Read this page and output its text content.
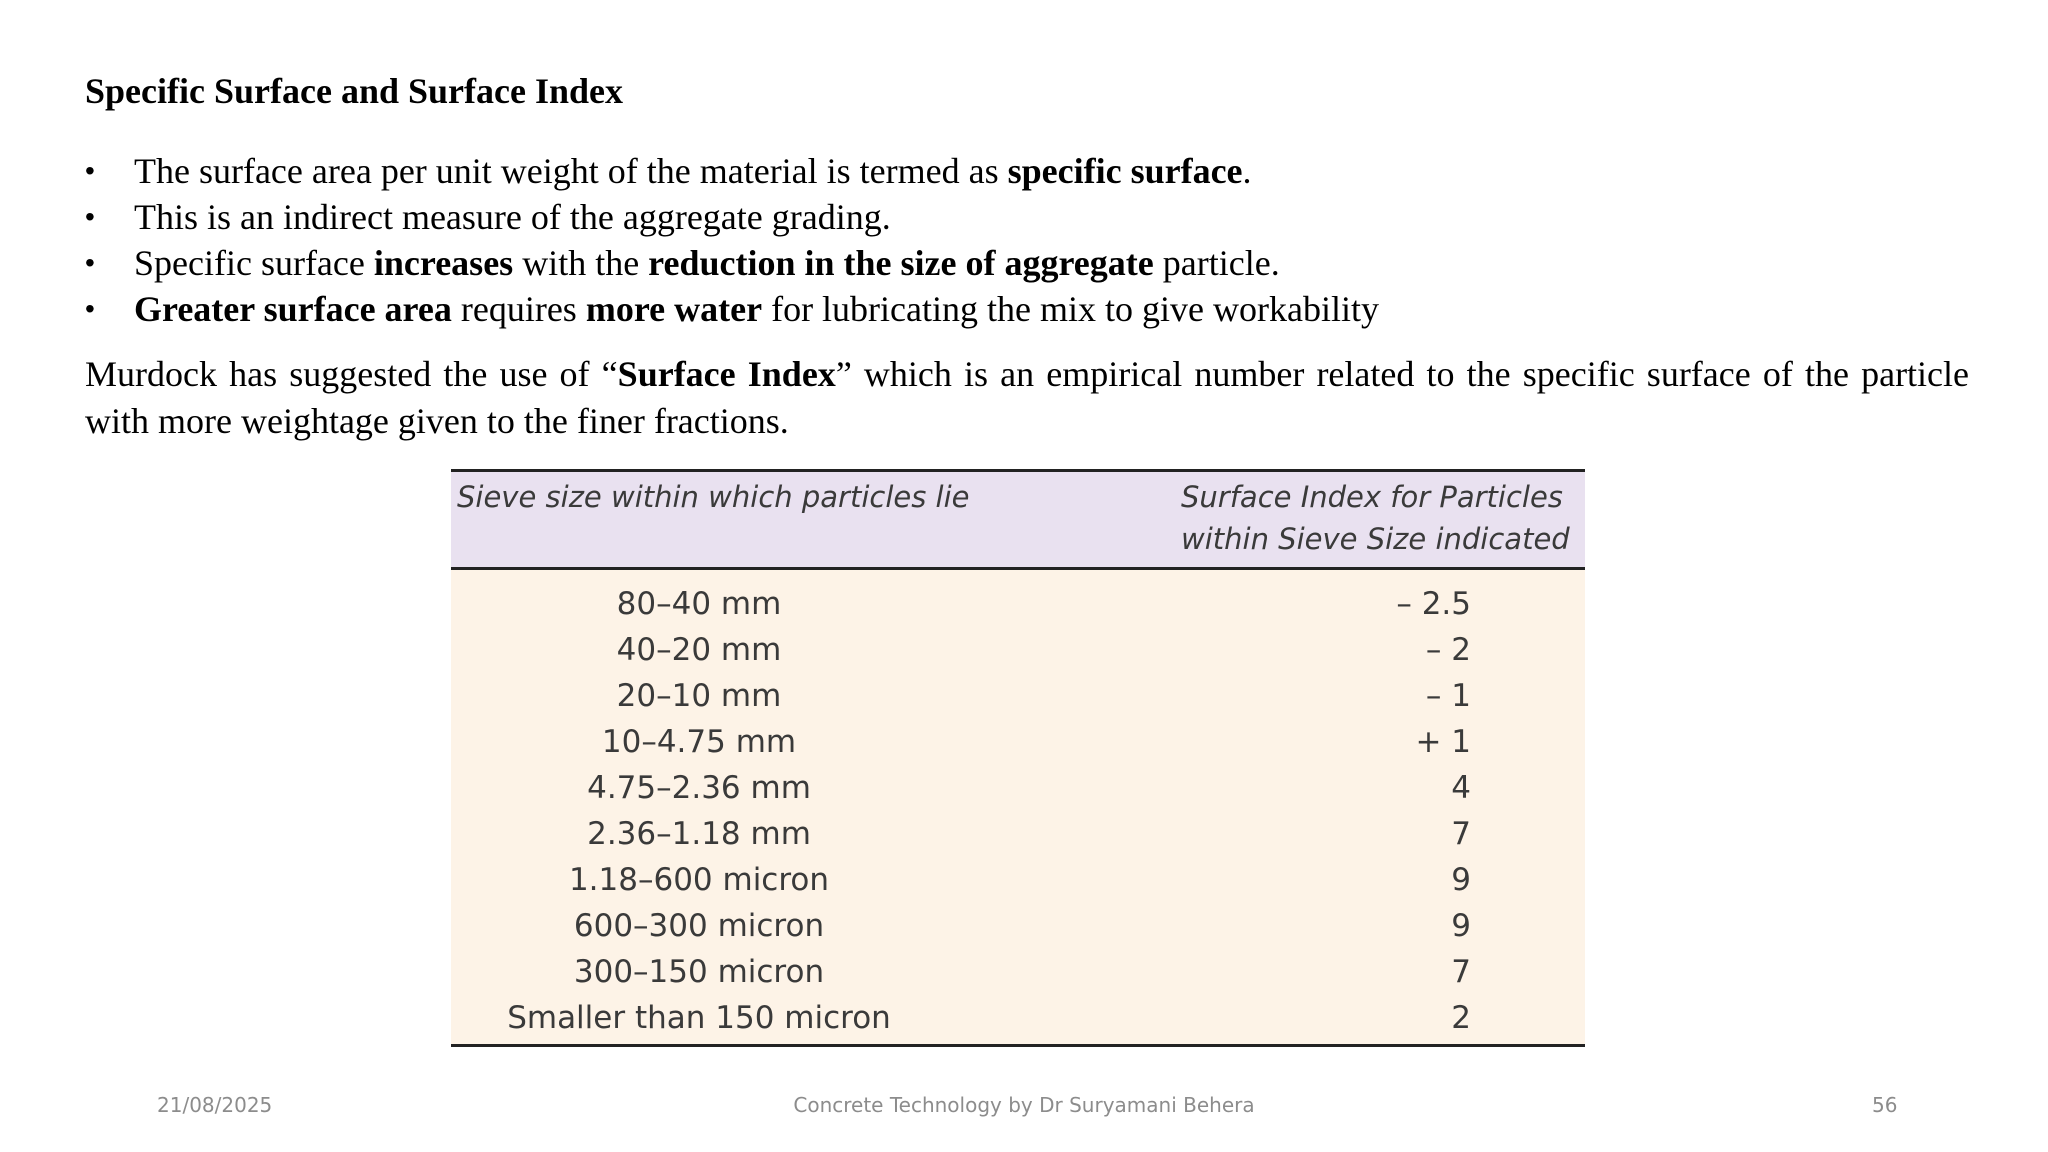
Specific Surface and Surface Index
• The surface area per unit weight of the material is termed as specific surface.
• This is an indirect measure of the aggregate grading.
• Specific surface increases with the reduction in the size of aggregate particle.
• Greater surface area requires more water for lubricating the mix to give workability

Murdock has suggested the use of “Surface Index” which is an empirical number related to the specific surface of the particle with more weightage given to the finer fractions.

Sieve size within which particles lie	Surface Index for Particles
within Sieve Size indicated
80–40 mm	– 2.5
40–20 mm	– 2
20–10 mm	– 1
10–4.75 mm	+ 1
4.75–2.36 mm	4
2.36–1.18 mm	7
1.18–600 micron	9
600–300 micron	9
300–150 micron	7
Smaller than 150 micron	2
21/08/2025	Concrete Technology by Dr Suryamani Behera	56
